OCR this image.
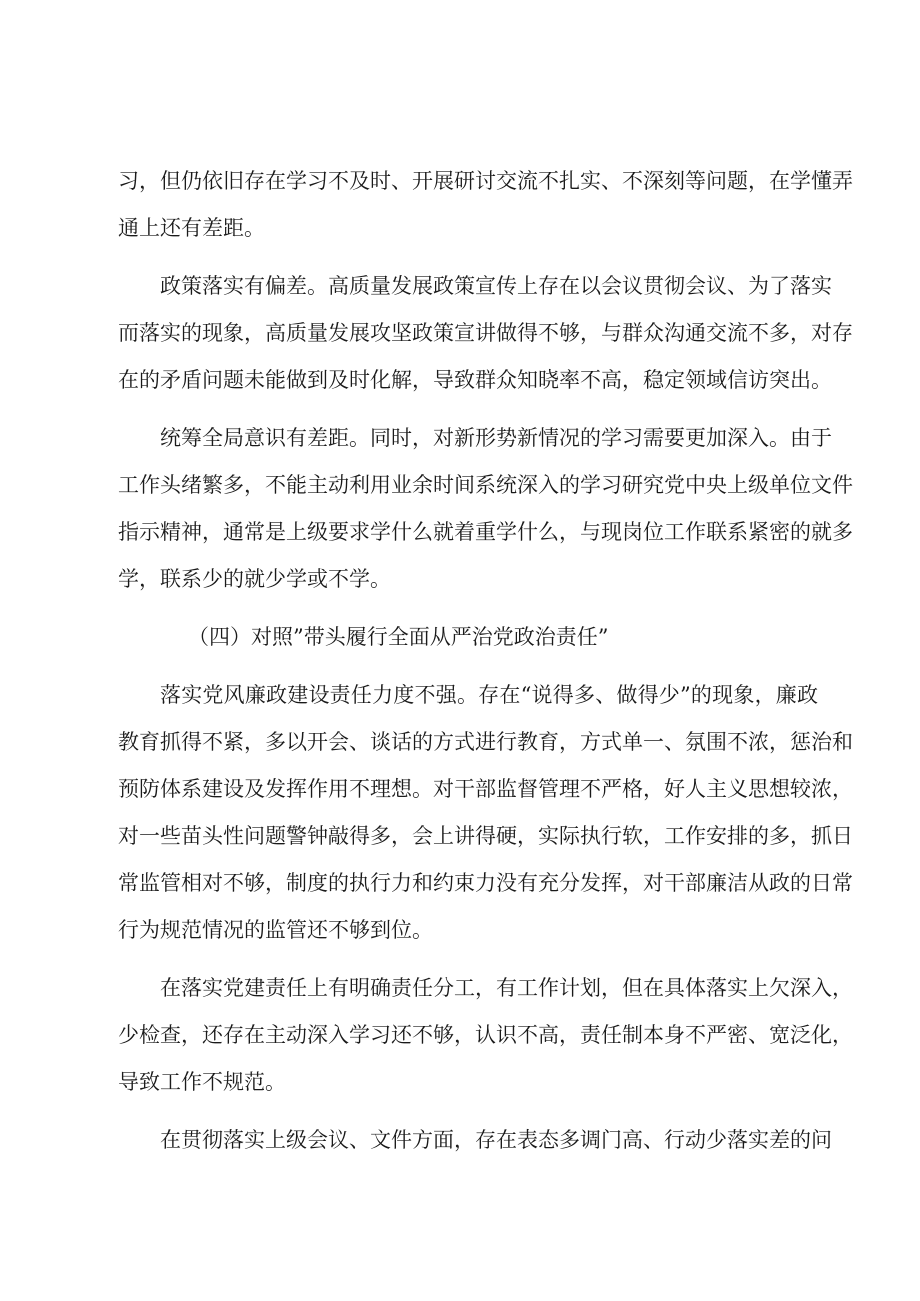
习，但仍依旧存在学习不及时、开展研讨交流不扎实、不深刻等问题，在学懂弄
通上还有差距。
政策落实有偏差。高质量发展政策宣传上存在以会议贯彻会议、为了落实
而落实的现象，高质量发展攻坚政策宣讲做得不够，与群众沟通交流不多，对存
在的矛盾问题未能做到及时化解，导致群众知晓率不高，稳定领域信访突出。
统筹全局意识有差距。同时，对新形势新情况的学习需要更加深入。由于
工作头绪繁多，不能主动利用业余时间系统深入的学习研究党中央上级单位文件
指示精神，通常是上级要求学什么就着重学什么，与现岗位工作联系紧密的就多
学，联系少的就少学或不学。
（四）对照”带头履行全面从严治党政治责任”
落实党风廉政建设责任力度不强。存在“说得多、做得少”的现象，廉政
教育抓得不紧，多以开会、谈话的方式进行教育，方式单一、氛围不浓，惩治和
预防体系建设及发挥作用不理想。对干部监督管理不严格，好人主义思想较浓，
对一些苗头性问题警钟敲得多，会上讲得硬，实际执行软，工作安排的多，抓日
常监管相对不够，制度的执行力和约束力没有充分发挥，对干部廉洁从政的日常
行为规范情况的监管还不够到位。
在落实党建责任上有明确责任分工，有工作计划，但在具体落实上欠深入，
少检查，还存在主动深入学习还不够，认识不高，责任制本身不严密、宽泛化，
导致工作不规范。
在贯彻落实上级会议、文件方面，存在表态多调门高、行动少落实差的问
